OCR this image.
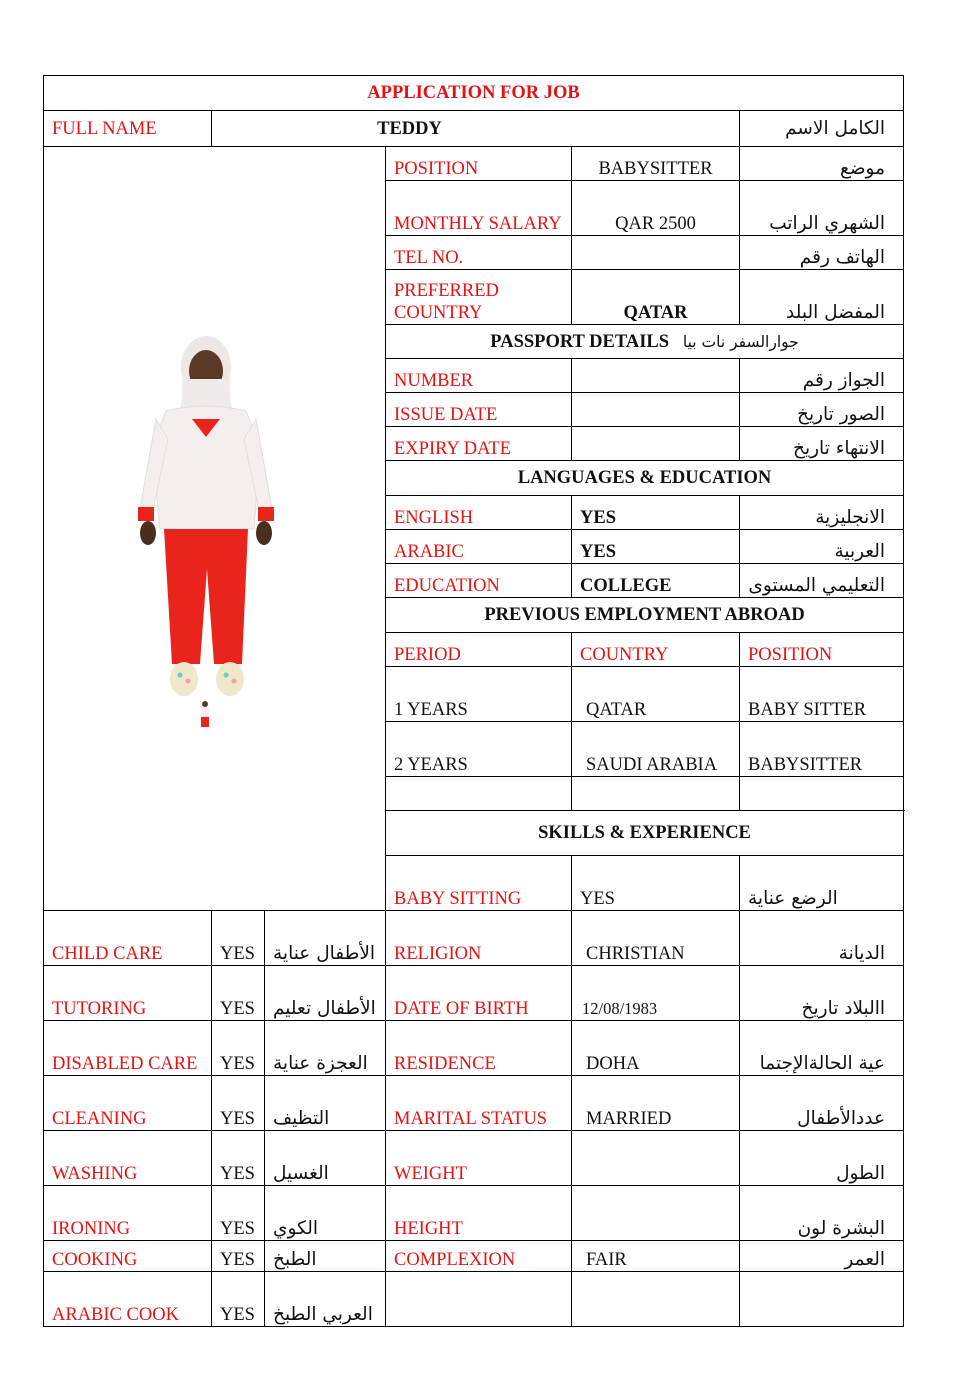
APPLICATION FOR JOB						
FULL NAME	TEDDY				الكامل الاسم	

	POSITION	BABYSITTER	موضع	
			MONTHLY SALARY	QAR 2500	الشهري الراتب	
			TEL NO.		الهاتف رقم	
			PREFERRED COUNTRY	QATAR	المفضل البلد	
			PASSPORT DETAILS جوارالسفر نات بيا			
			NUMBER		الجواز رقم	
			ISSUE DATE		الصور تاريخ	
			EXPIRY DATE		الانتهاء تاريخ	
			LANGUAGES & EDUCATION			
			ENGLISH	YES	الانجليزية	
			ARABIC	YES	العربية	
			EDUCATION	COLLEGE	التعليمي المستوى	
			PREVIOUS EMPLOYMENT ABROAD			
			PERIOD	COUNTRY	POSITION	
			1 YEARS	QATAR	BABY SITTER	
			2 YEARS	SAUDI ARABIA	BABYSITTER	

			SKILLS & EXPERIENCE	
			BABY SITTING	YES	الرضع عناية			
CHILD CARE	YES	الأطفال عناية	RELIGION	CHRISTIAN	الديانة	
TUTORING	YES	الأطفال تعليم	DATE OF BIRTH	12/08/1983	االبلاد تاريخ	
DISABLED CARE	YES	العجزة عناية	RESIDENCE	DOHA	عية الحالةالإجتما	
CLEANING	YES	التظيف	MARITAL STATUS	MARRIED	عددالأطفال	
WASHING	YES	الغسيل	WEIGHT		الطول	
IRONING	YES	الكوي	HEIGHT		البشرة لون	
COOKING	YES	الطبخ	COMPLEXION	FAIR	العمر	
ARABIC COOK	YES	العربي الطبخ				
